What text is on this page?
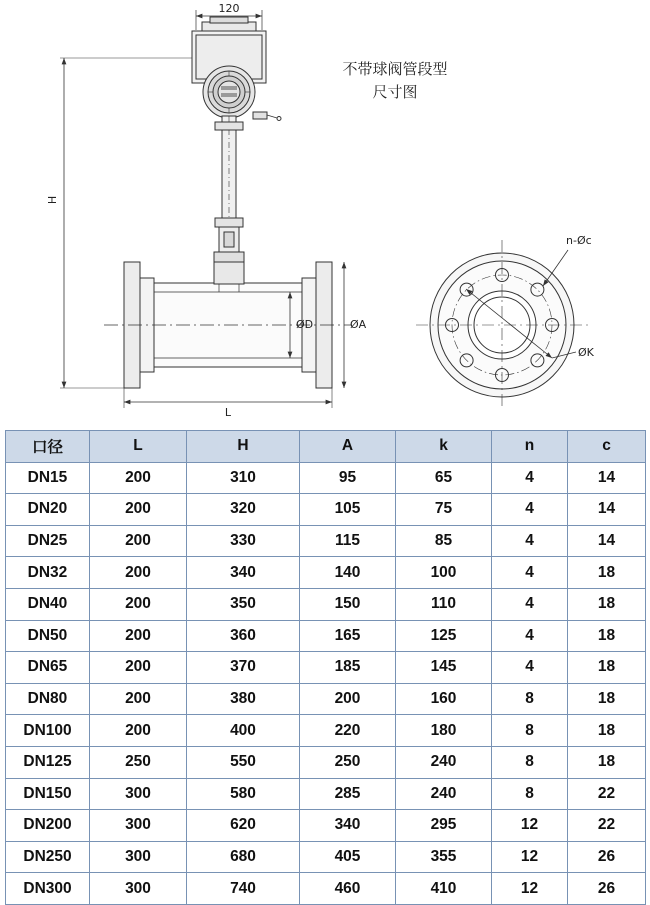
120
H
L
ØD	ØA
n-Øc
ØK
不带球阀管段型
尺寸图
口径	L	H	A	k	n	c
DN15	200	310	95	65	4	14
DN20	200	320	105	75	4	14
DN25	200	330	115	85	4	14
DN32	200	340	140	100	4	18
DN40	200	350	150	110	4	18
DN50	200	360	165	125	4	18
DN65	200	370	185	145	4	18
DN80	200	380	200	160	8	18
DN100	200	400	220	180	8	18
DN125	250	550	250	240	8	18
DN150	300	580	285	240	8	22
DN200	300	620	340	295	12	22
DN250	300	680	405	355	12	26
DN300	300	740	460	410	12	26
